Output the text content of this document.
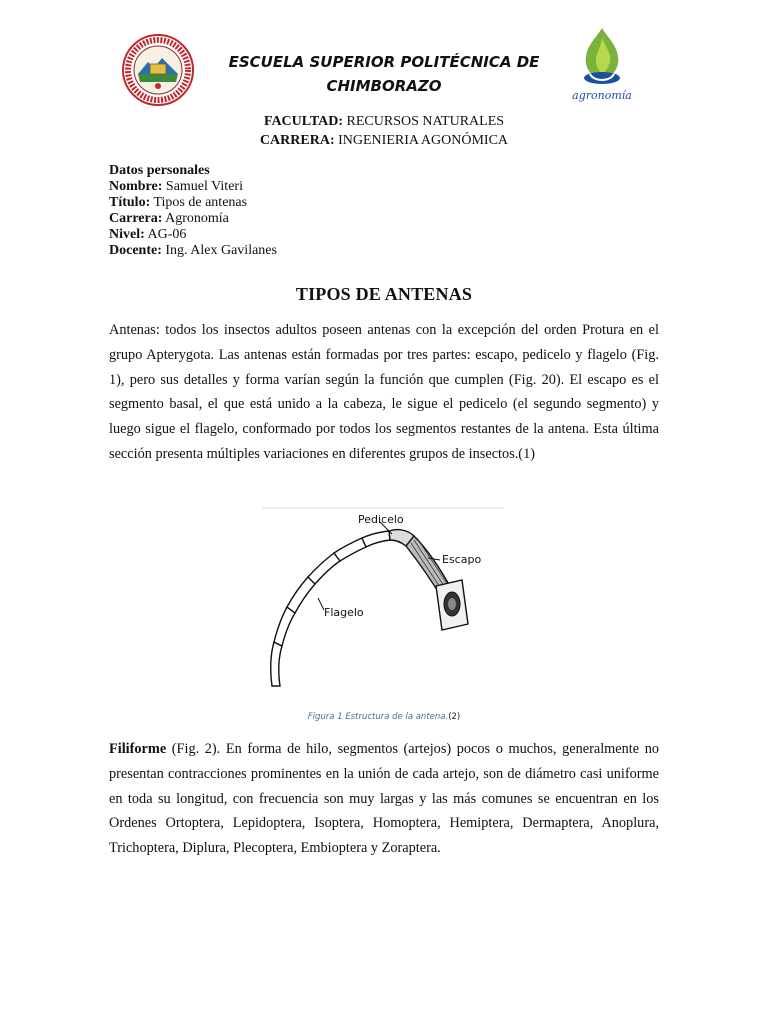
ESCUELA SUPERIOR POLITÉCNICA DE
CHIMBORAZO
agronomía
FACULTAD: RECURSOS NATURALES
CARRERA: INGENIERIA AGONÓMICA
Datos personales
Nombre: Samuel Viteri
Título: Tipos de antenas
Carrera: Agronomía
Nivel: AG-06
Docente: Ing. Alex Gavilanes
TIPOS DE ANTENAS

Antenas: todos los insectos adultos poseen antenas con la excepción del orden Protura en el grupo Apterygota. Las antenas están formadas por tres partes: escapo, pedicelo y flagelo (Fig. 1), pero sus detalles y forma varían según la función que cumplen (Fig. 20). El escapo es el segmento basal, el que está unido a la cabeza, le sigue el pedicelo (el segundo segmento) y luego sigue el flagelo, conformado por todos los segmentos restantes de la antena. Esta última sección presenta múltiples variaciones en diferentes grupos de insectos.(1)

Pedicelo
Escapo
Flagelo
Figura 1 Estructura de la antena.(2)

Filiforme (Fig. 2). En forma de hilo, segmentos (artejos) pocos o muchos, generalmente no presentan contracciones prominentes en la unión de cada artejo, son de diámetro casi uniforme en toda su longitud, con frecuencia son muy largas y las más comunes se encuentran en los Ordenes Ortoptera, Lepidoptera, Isoptera, Homoptera, Hemiptera, Dermaptera, Anoplura, Trichoptera, Diplura, Plecoptera, Embioptera y Zoraptera.
